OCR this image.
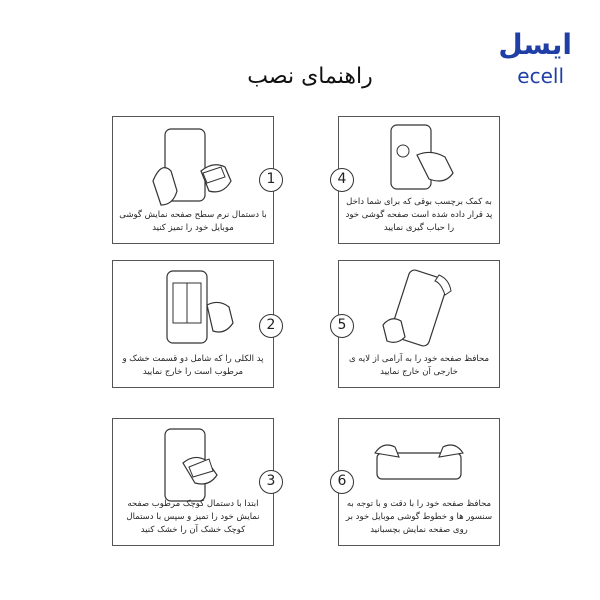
ایسل
ecell
راهنمای نصب
با دستمال نرم سطح صفحه نمایش گوشی موبایل خود را تمیز کنید
1
پد الکلی را که شامل دو قسمت خشک و مرطوب است را خارج نمایید
2
ابتدا با دستمال کوچک مرطوب صفحه نمایش خود را تمیز و سپس با دستمال کوچک خشک آن را خشک کنید
3
به کمک برچسب بوقی که برای شما داخل پد قرار داده شده است صفحه گوشی خود را حباب گیری نمایید
4
محافظ صفحه خود را به آرامی از لایه ی خارجی آن خارج نمایید
5
محافظ صفحه خود را با دقت و با توجه به سنسور ها و خطوط گوشی موبایل خود بر روی صفحه نمایش بچسبانید
6
